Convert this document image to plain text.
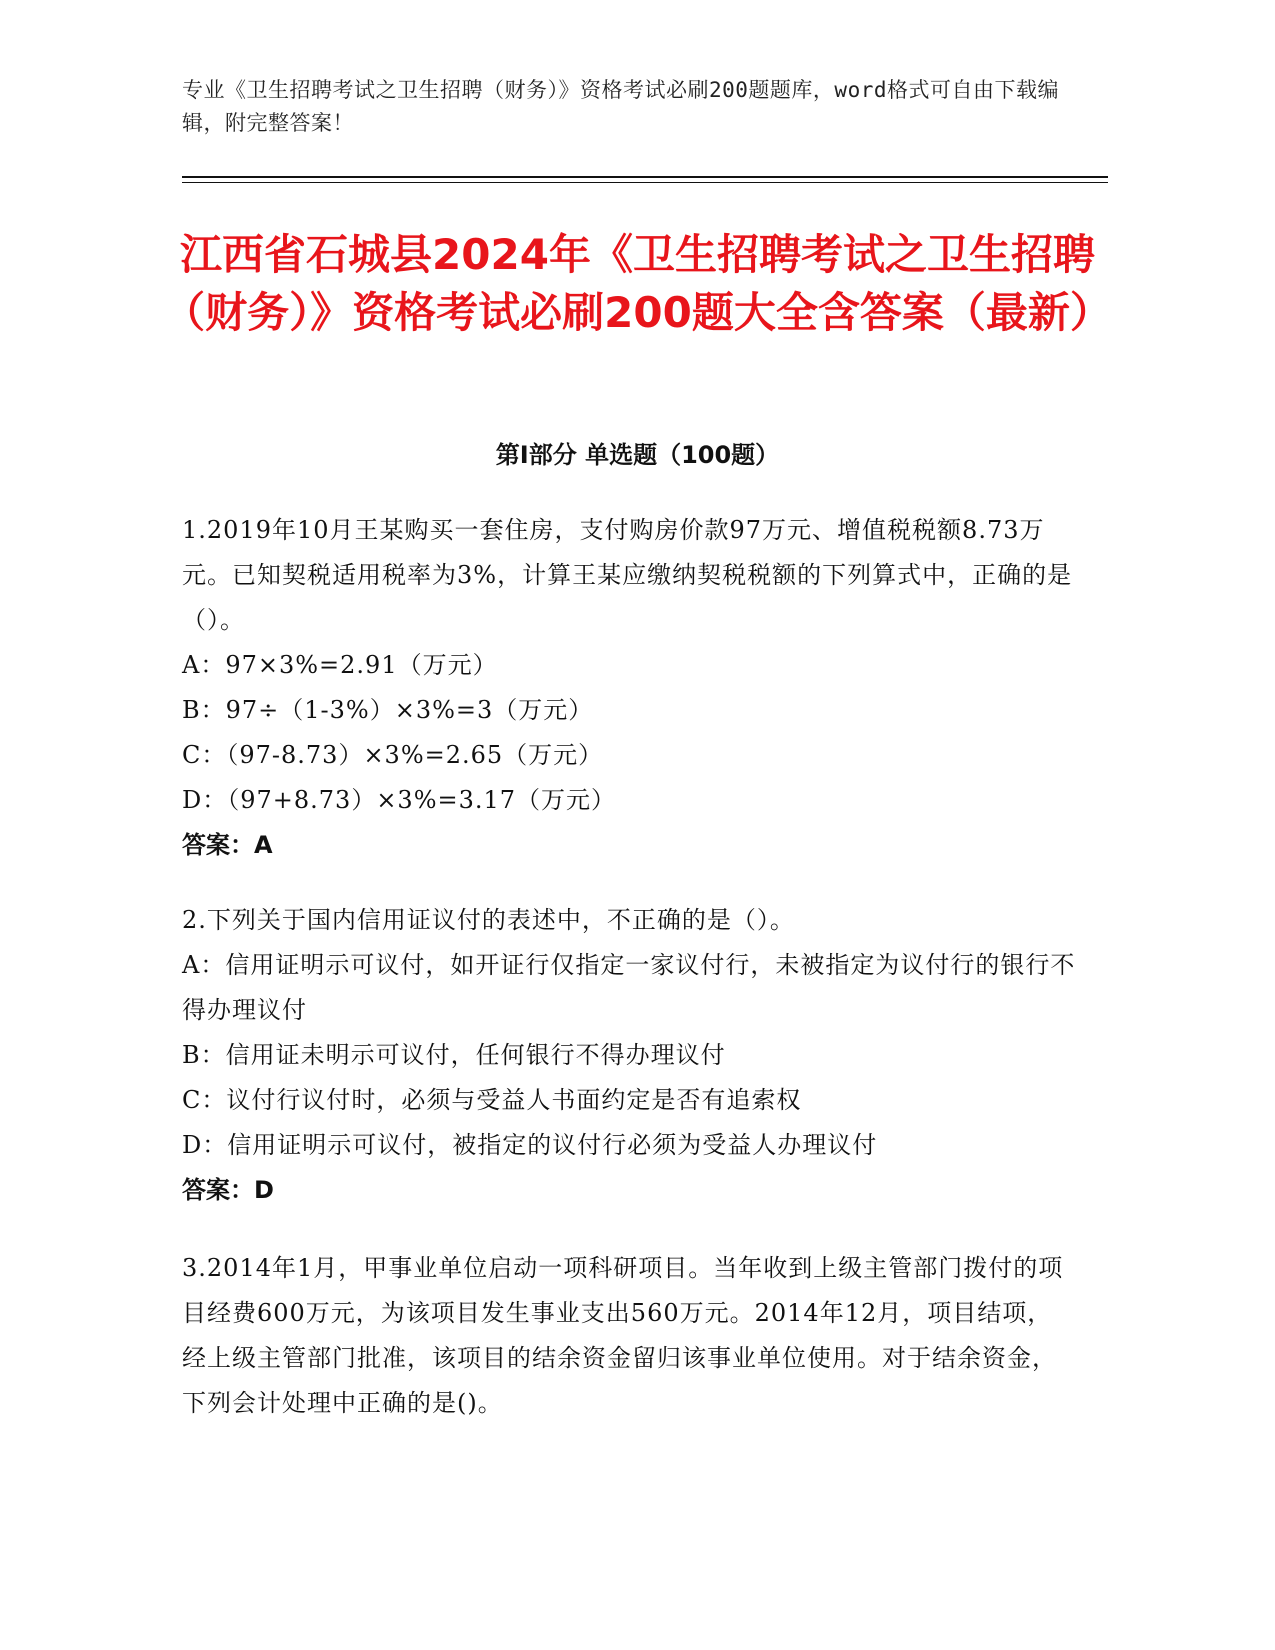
专业《卫生招聘考试之卫生招聘（财务）》资格考试必刷200题题库，word格式可自由下载编辑，附完整答案！
江西省石城县2024年《卫生招聘考试之卫生招聘（财务）》资格考试必刷200题大全含答案（最新）
第Ⅰ部分 单选题（100题）
1.2019年10月王某购买一套住房，支付购房价款97万元、增值税税额8.73万元。已知契税适用税率为3%，计算王某应缴纳契税税额的下列算式中，正确的是（）。
A：97×3%=2.91（万元）
B：97÷（1-3%）×3%=3（万元）
C：（97-8.73）×3%=2.65（万元）
D：（97+8.73）×3%=3.17（万元）
答案：A
2.下列关于国内信用证议付的表述中，不正确的是（）。
A：信用证明示可议付，如开证行仅指定一家议付行，未被指定为议付行的银行不得办理议付
B：信用证未明示可议付，任何银行不得办理议付
C：议付行议付时，必须与受益人书面约定是否有追索权
D：信用证明示可议付，被指定的议付行必须为受益人办理议付
答案：D
3.2014年1月，甲事业单位启动一项科研项目。当年收到上级主管部门拨付的项目经费600万元，为该项目发生事业支出560万元。2014年12月，项目结项，经上级主管部门批准，该项目的结余资金留归该事业单位使用。对于结余资金，下列会计处理中正确的是()。
